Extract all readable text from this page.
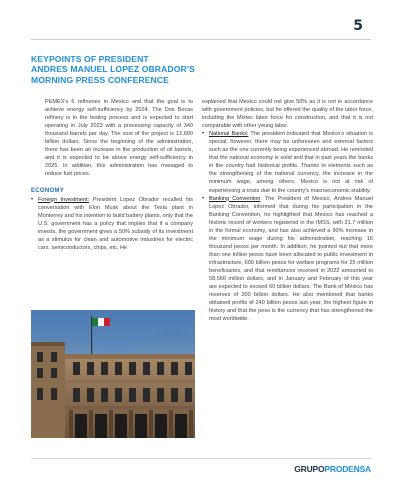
5
KEYPOINTS OF PRESIDENT
ANDRES MANUEL LOPEZ OBRADOR'S
MORNING PRESS CONFERENCE

PEMEX's 6 refineries in Mexico and that the goal is to achieve energy self-sufficiency by 2024. The Dos Bocas refinery is in the testing process and is expected to start operating in July 2023 with a processing capacity of 340 thousand barrels per day. The cost of the project is 12,600 billion dollars. Since the beginning of the administration, there has been an increase in the production of oil barrels, and it is expected to be above energy self-sufficiency in 2025. In addition, this administration has managed to reduce fuel prices.

ECONOMY

• Foreign Investment: President Lopez Obrador recalled his conversation with Elon Musk about the Tesla plant in Monterrey and his intention to build battery plants, only that the U.S. government has a policy that implies that if a company invests, the government gives a 50% subsidy of its investment as a stimulus for clean and automotive industries for electric cars, semiconductors, chips, etc. He

explained that Mexico could not give 50% as it is not in accordance with government policies, but he offered the quality of the labor force, including the Mixtec labor force for construction, and that it is not comparable with other young labor.

• National Banks: The president indicated that Mexico's situation is special, however, there may be unforeseen and external factors such as the one currently being experienced abroad. He reminded that the national economy is solid and that in past years the banks in the country had historical profits. Thanks to elements such as the strengthening of the national currency, the increase in the minimum wage, among others, Mexico is not at risk of experiencing a crisis due to the country's macroeconomic stability.

• Banking Convention: The President of Mexico, Andres Manuel Lopez Obrador, informed that during his participation in the Banking Convention, he highlighted that Mexico has reached a historic record of workers registered in the IMSS, with 21.7 million in the formal economy, and has also achieved a 90% increase in the minimum wage during his administration, reaching 16 thousand pesos per month. In addition, he pointed out that more than one trillion pesos have been allocated to public investment in infrastructure, 600 billion pesos for welfare programs for 25 million beneficiaries, and that remittances received in 2022 amounted to 58,560 million dollars, and in January and February of this year are expected to exceed 60 billion dollars. The Bank of Mexico has reserves of 200 billion dollars. He also mentioned that banks obtained profits of 240 billion pesos last year, the highest figure in history and that the peso is the currency that has strengthened the most worldwide.

GRUPOPRODENSA
